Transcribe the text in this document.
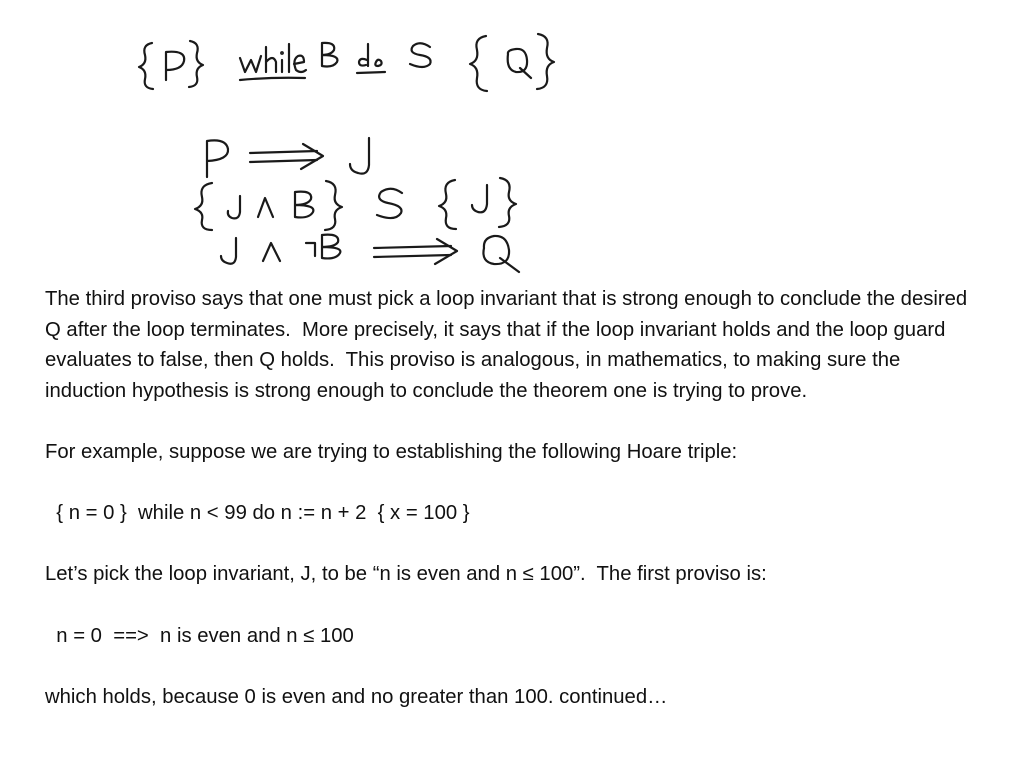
The third proviso says that one must pick a loop invariant that is strong enough to conclude the desired Q after the loop terminates.  More precisely, it says that if the loop invariant holds and the loop guard evaluates to false, then Q holds.  This proviso is analogous, in mathematics, to making sure the induction hypothesis is strong enough to conclude the theorem one is trying to prove.

For example, suppose we are trying to establishing the following Hoare triple:

{ n = 0 }  while n < 99 do n := n + 2  { x = 100 }

Let’s pick the loop invariant, J, to be “n is even and n ≤ 100”.  The first proviso is:

n = 0  ==>  n is even and n ≤ 100

which holds, because 0 is even and no greater than 100. continued…
